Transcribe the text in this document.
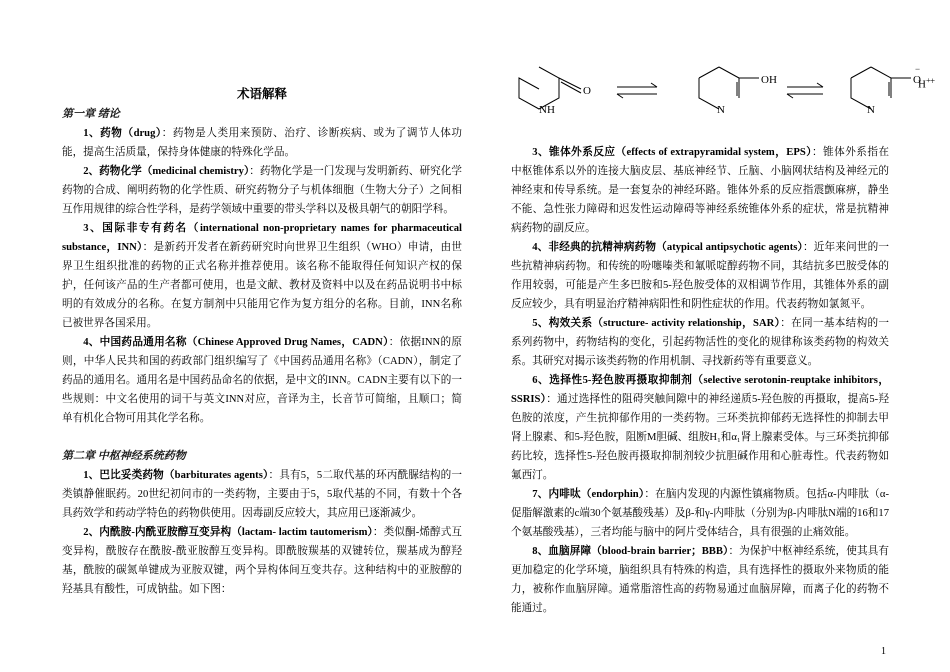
术语解释
第一章 绪论

1、药物（drug）：药物是人类用来预防、治疗、诊断疾病、或为了调节人体功能，提高生活质量，保持身体健康的特殊化学品。

2、药物化学（medicinal chemistry）：药物化学是一门发现与发明新药、研究化学药物的合成、阐明药物的化学性质、研究药物分子与机体细胞（生物大分子）之间相互作用规律的综合性学科，是药学领域中重要的带头学科以及极具朝气的朝阳学科。

3、国际非专有药名（international non-proprietary names for pharmaceutical substance，INN）：是新药开发者在新药研究时向世界卫生组织（WHO）申请，由世界卫生组织批准的药物的正式名称并推荐使用。该名称不能取得任何知识产权的保护，任何该产品的生产者都可使用，也是文献、教材及资料中以及在药品说明书中标明的有效成分的名称。在复方制剂中只能用它作为复方组分的名称。目前，INN名称已被世界各国采用。

4、中国药品通用名称（Chinese Approved Drug Names，CADN）：依据INN的原则，中华人民共和国的药政部门组织编写了《中国药品通用名称》（CADN），制定了药品的通用名。通用名是中国药品命名的依据，是中文的INN。CADN主要有以下的一些规则：中文名使用的词干与英文INN对应，音译为主，长音节可简缩，且顺口；简单有机化合物可用其化学名称。

第二章 中枢神经系统药物

1、巴比妥类药物（barbiturates agents）：具有5，5二取代基的环丙酰脲结构的一类镇静催眠药。20世纪初问市的一类药物，主要由于5，5取代基的不同，有数十个各具药效学和药动学特色的药物供使用。因毒副反应较大，其应用已逐渐减少。

2、内酰胺-内酰亚胺醇互变异构（lactam- lactim tautomerism）：类似酮-烯醇式互变异构，酰胺存在酰胺-酰亚胺醇互变异构。即酰胺羰基的双键转位，羰基成为醇羟基，酰胺的碳氮单键成为亚胺双键，两个异构体间互变共存。这种结构中的亚胺醇的羟基具有酸性，可成钠盐。如下图：

NH
O
N
OH
N
O
−
+
H+

3、锥体外系反应（effects of extrapyramidal system，EPS）：锥体外系指在中枢锥体系以外的连接大脑皮层、基底神经节、丘脑、小脑网状结构及神经元的神经束和传导系统。是一套复杂的神经环路。锥体外系的反应指震颤麻痹，静坐不能、急性张力障碍和迟发性运动障碍等神经系统锥体外系的症状，常是抗精神病药物的副反应。

4、非经典的抗精神病药物（atypical antipsychotic agents）：近年来问世的一些抗精神病药物。和传统的吩噻嗪类和氟哌啶醇药物不同，其结抗多巴胺受体的作用较弱，可能是产生多巴胺和5-羟色胺受体的双相调节作用，其锥体外系的副反应较少，具有明显治疗精神病阳性和阴性症状的作用。代表药物如氯氮平。

5、构效关系（structure- activity relationship，SAR）：在同一基本结构的一系列药物中，药物结构的变化，引起药物活性的变化的规律称该类药物的构效关系。其研究对揭示该类药物的作用机制、寻找新药等有重要意义。

6、选择性5-羟色胺再摄取抑制剂（selective serotonin-reuptake inhibitors，SSRIS）：通过选择性的阻碍突触间隙中的神经递质5-羟色胺的再摄取，提高5-羟色胺的浓度，产生抗抑郁作用的一类药物。三环类抗抑郁药无选择性的抑制去甲肾上腺素、和5-羟色胺，阻断M胆碱、组胺H₁和α₁肾上腺素受体。与三环类抗抑郁药比较，选择性5-羟色胺再摄取抑制剂较少抗胆碱作用和心脏毒性。代表药物如氟西汀。

7、内啡呔（endorphin）：在脑内发现的内源性镇痛物质。包括α-内啡肽（α-促脂解激素的c端30个氨基酸残基）及β-和γ-内啡肽（分别为β-内啡肽N端的16和17个氨基酸残基），三者均能与脑中的阿片受体结合，具有很强的止痛效能。

8、血脑屏障（blood-brain barrier；BBB）：为保护中枢神经系统，使其具有更加稳定的化学环境，脑组织具有特殊的构造，具有选择性的摄取外来物质的能力，被称作血脑屏障。通常脂溶性高的药物易通过血脑屏障，而离子化的药物不能通过。

1
